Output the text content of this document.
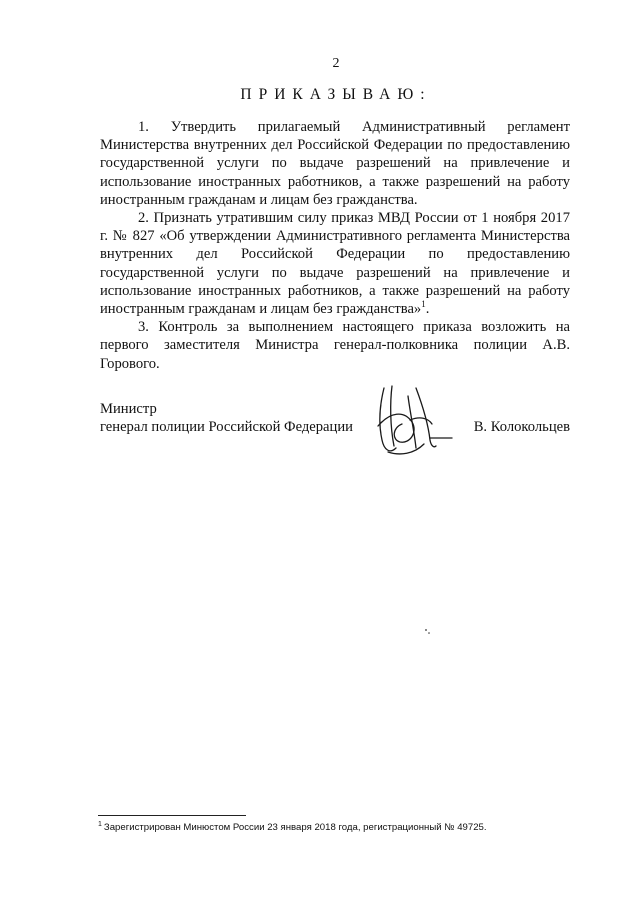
2
ПРИКАЗЫВАЮ:

1. Утвердить прилагаемый Административный регламент Министерства внутренних дел Российской Федерации по предоставлению государственной услуги по выдаче разрешений на привлечение и использование иностранных работников, а также разрешений на работу иностранным гражданам и лицам без гражданства.

2. Признать утратившим силу приказ МВД России от 1 ноября 2017 г. № 827 «Об утверждении Административного регламента Министерства внутренних дел Российской Федерации по предоставлению государственной услуги по выдаче разрешений на привлечение и использование иностранных работников, а также разрешений на работу иностранным гражданам и лицам без гражданства»$^1$.

3. Контроль за выполнением настоящего приказа возложить на первого заместителя Министра генерал-полковника полиции А.В. Горового.

Министр
генерал полиции Российской Федерации	В. Колокольцев
$^1$ Зарегистрирован Минюстом России 23 января 2018 года, регистрационный № 49725.
